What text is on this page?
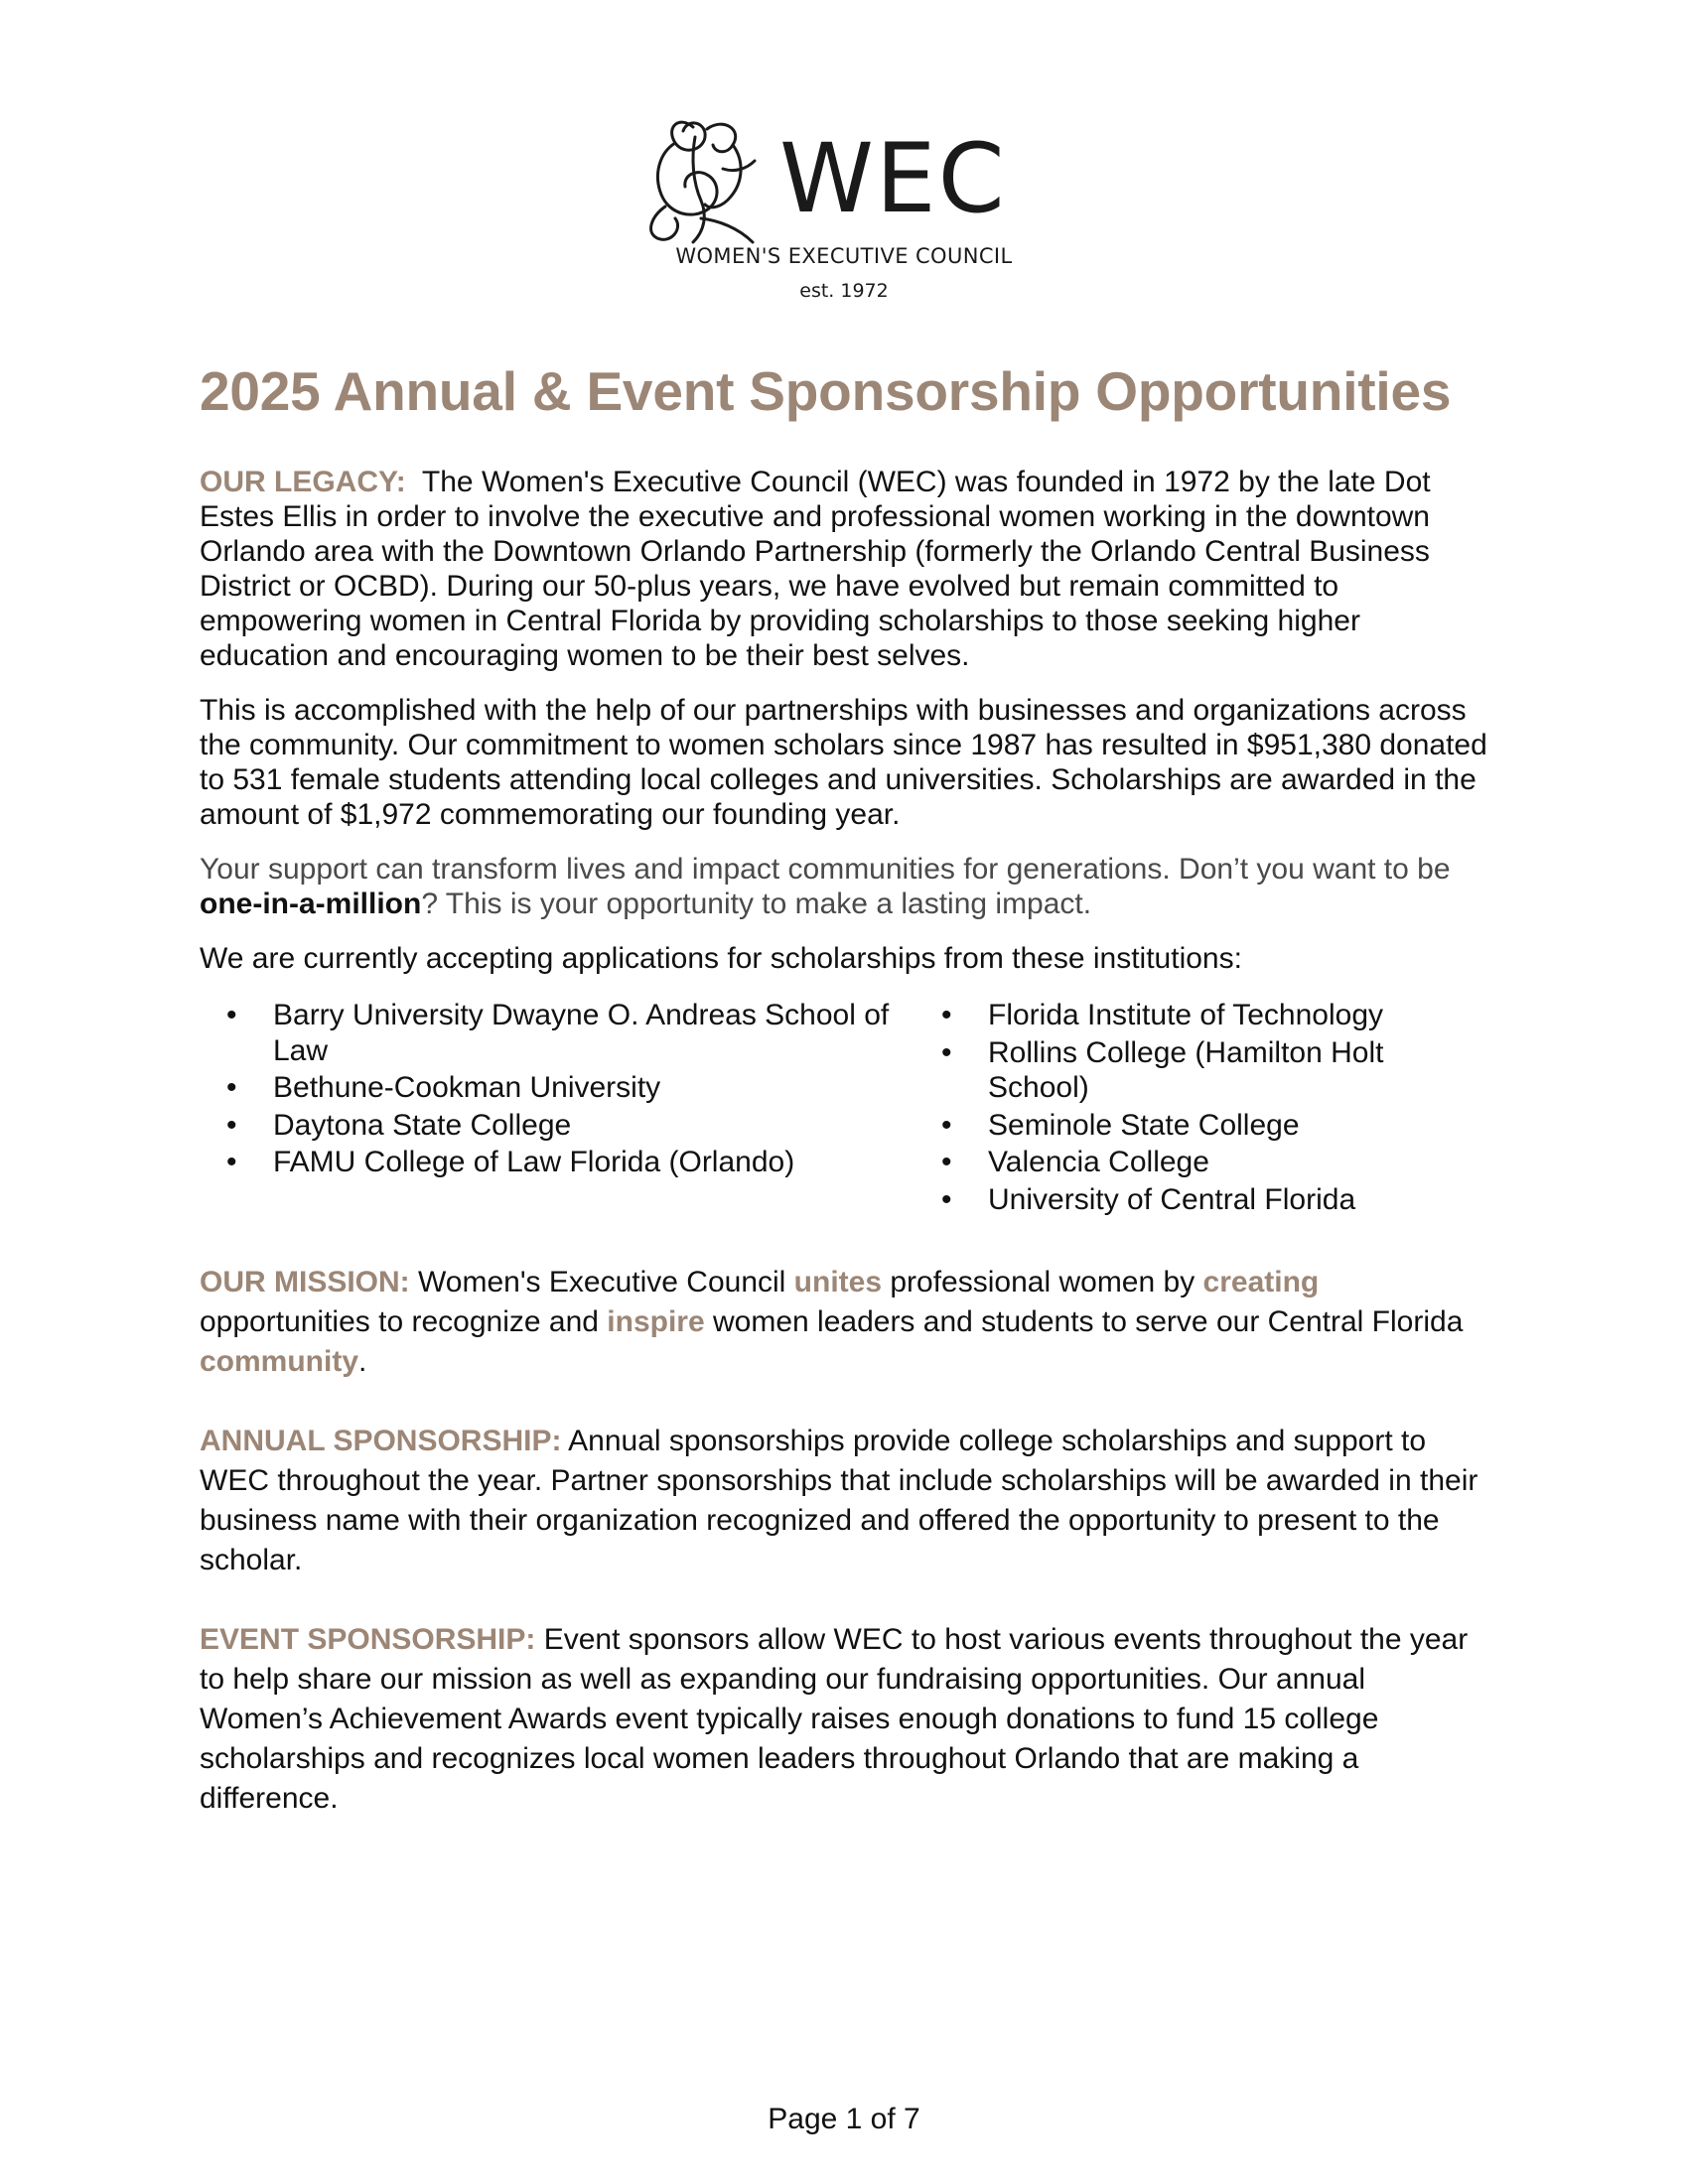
WEC
WOMEN'S EXECUTIVE COUNCIL
est. 1972
2025 Annual & Event Sponsorship Opportunities

OUR LEGACY: The Women's Executive Council (WEC) was founded in 1972 by the late Dot Estes Ellis in order to involve the executive and professional women working in the downtown Orlando area with the Downtown Orlando Partnership (formerly the Orlando Central Business District or OCBD). During our 50-plus years, we have evolved but remain committed to empowering women in Central Florida by providing scholarships to those seeking higher education and encouraging women to be their best selves.

This is accomplished with the help of our partnerships with businesses and organizations across the community. Our commitment to women scholars since 1987 has resulted in $951,380 donated to 531 female students attending local colleges and universities. Scholarships are awarded in the amount of $1,972 commemorating our founding year.

Your support can transform lives and impact communities for generations. Don’t you want to be one-in-a-million? This is your opportunity to make a lasting impact.

We are currently accepting applications for scholarships from these institutions:

• Barry University Dwayne O. Andreas School of Law
• Bethune-Cookman University
• Daytona State College
• FAMU College of Law Florida (Orlando)
• Florida Institute of Technology
• Rollins College (Hamilton Holt School)
• Seminole State College
• Valencia College
• University of Central Florida

OUR MISSION: Women's Executive Council unites professional women by creating opportunities to recognize and inspire women leaders and students to serve our Central Florida community.

ANNUAL SPONSORSHIP: Annual sponsorships provide college scholarships and support to WEC throughout the year. Partner sponsorships that include scholarships will be awarded in their business name with their organization recognized and offered the opportunity to present to the scholar.

EVENT SPONSORSHIP: Event sponsors allow WEC to host various events throughout the year to help share our mission as well as expanding our fundraising opportunities. Our annual Women’s Achievement Awards event typically raises enough donations to fund 15 college scholarships and recognizes local women leaders throughout Orlando that are making a difference.

Page 1 of 7
